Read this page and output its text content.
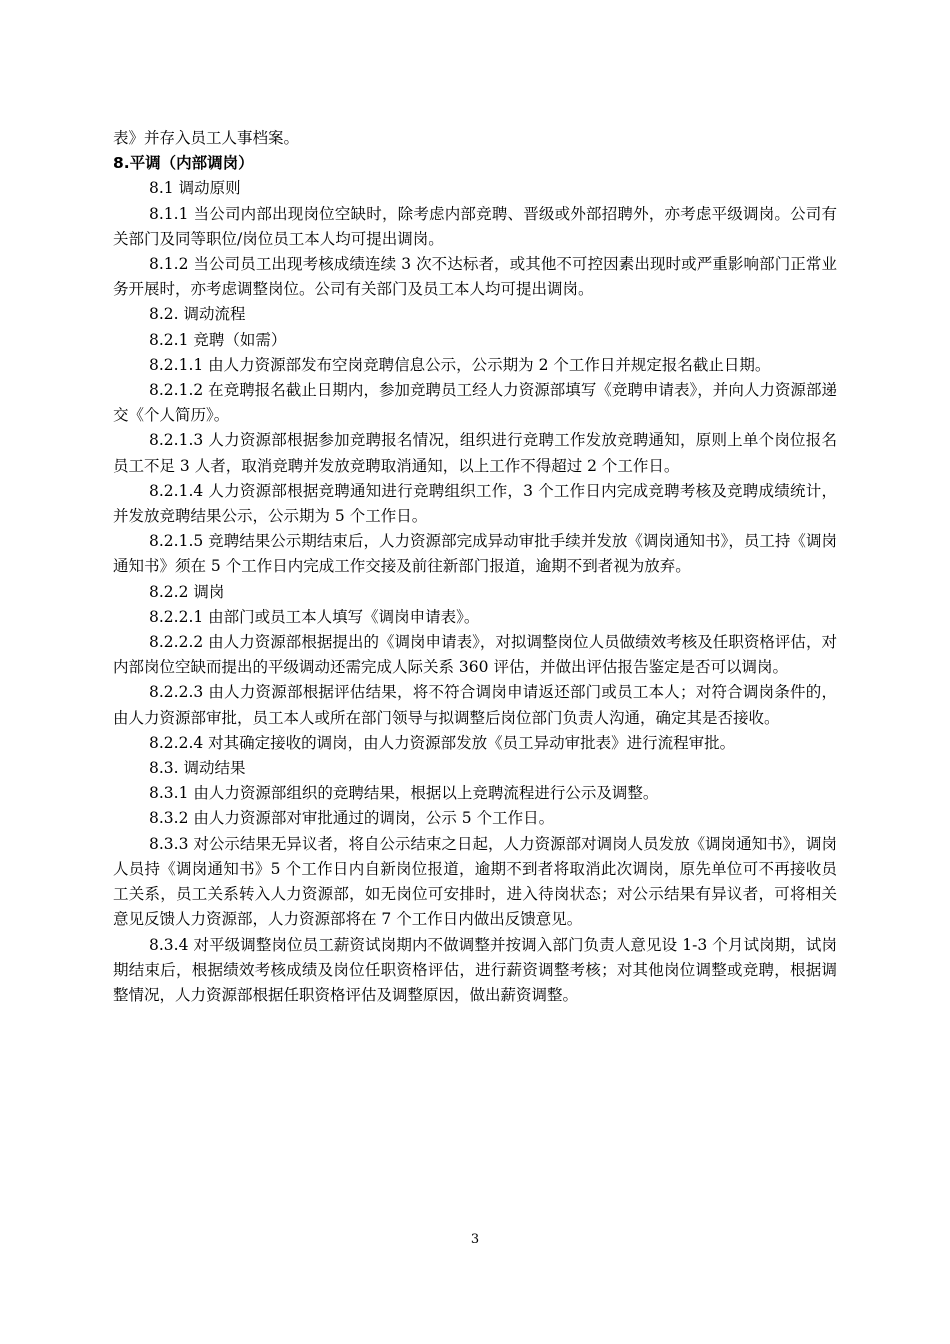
表》并存入员工人事档案。

8.平调（内部调岗）

8.1 调动原则

8.1.1 当公司内部出现岗位空缺时，除考虑内部竞聘、晋级或外部招聘外，亦考虑平级调岗。公司有关部门及同等职位/岗位员工本人均可提出调岗。

8.1.2 当公司员工出现考核成绩连续 3 次不达标者，或其他不可控因素出现时或严重影响部门正常业务开展时，亦考虑调整岗位。公司有关部门及员工本人均可提出调岗。

8.2. 调动流程

8.2.1 竞聘（如需）

8.2.1.1 由人力资源部发布空岗竞聘信息公示，公示期为 2 个工作日并规定报名截止日期。

8.2.1.2 在竞聘报名截止日期内，参加竞聘员工经人力资源部填写《竞聘申请表》，并向人力资源部递交《个人简历》。

8.2.1.3 人力资源部根据参加竞聘报名情况，组织进行竞聘工作发放竞聘通知，原则上单个岗位报名员工不足 3 人者，取消竞聘并发放竞聘取消通知，以上工作不得超过 2 个工作日。

8.2.1.4 人力资源部根据竞聘通知进行竞聘组织工作，3 个工作日内完成竞聘考核及竞聘成绩统计，并发放竞聘结果公示，公示期为 5 个工作日。

8.2.1.5 竞聘结果公示期结束后，人力资源部完成异动审批手续并发放《调岗通知书》，员工持《调岗通知书》须在 5 个工作日内完成工作交接及前往新部门报道，逾期不到者视为放弃。

8.2.2 调岗

8.2.2.1 由部门或员工本人填写《调岗申请表》。

8.2.2.2 由人力资源部根据提出的《调岗申请表》，对拟调整岗位人员做绩效考核及任职资格评估，对内部岗位空缺而提出的平级调动还需完成人际关系 360 评估，并做出评估报告鉴定是否可以调岗。

8.2.2.3 由人力资源部根据评估结果，将不符合调岗申请返还部门或员工本人；对符合调岗条件的，由人力资源部审批，员工本人或所在部门领导与拟调整后岗位部门负责人沟通，确定其是否接收。

8.2.2.4 对其确定接收的调岗，由人力资源部发放《员工异动审批表》进行流程审批。

8.3. 调动结果

8.3.1 由人力资源部组织的竞聘结果，根据以上竞聘流程进行公示及调整。

8.3.2 由人力资源部对审批通过的调岗，公示 5 个工作日。

8.3.3 对公示结果无异议者，将自公示结束之日起，人力资源部对调岗人员发放《调岗通知书》，调岗人员持《调岗通知书》5 个工作日内自新岗位报道，逾期不到者将取消此次调岗，原先单位可不再接收员工关系，员工关系转入人力资源部，如无岗位可安排时，进入待岗状态；对公示结果有异议者，可将相关意见反馈人力资源部，人力资源部将在 7 个工作日内做出反馈意见。

8.3.4 对平级调整岗位员工薪资试岗期内不做调整并按调入部门负责人意见设 1-3 个月试岗期，试岗期结束后，根据绩效考核成绩及岗位任职资格评估，进行薪资调整考核；对其他岗位调整或竞聘，根据调整情况，人力资源部根据任职资格评估及调整原因，做出薪资调整。

3
